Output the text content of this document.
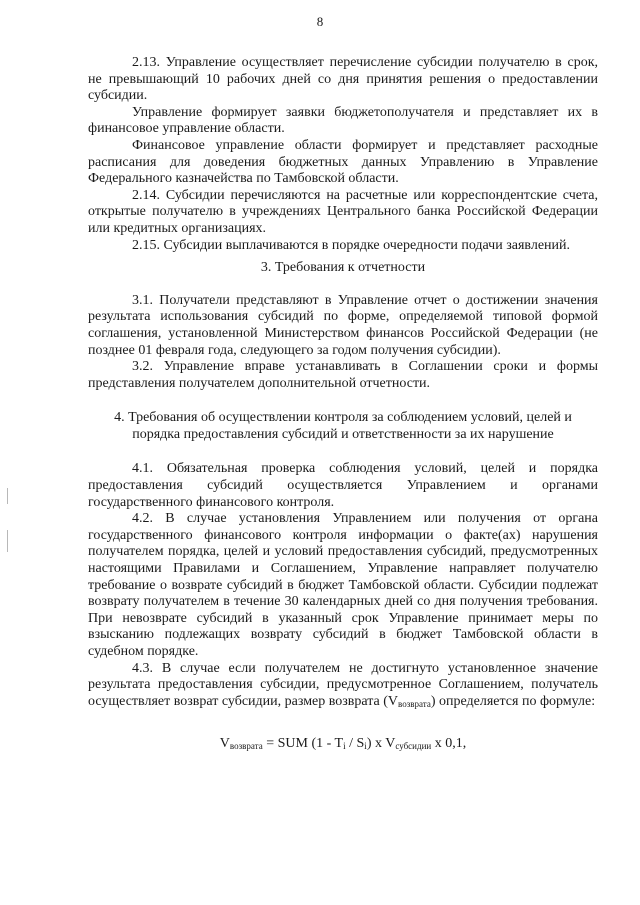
8

2.13. Управление осуществляет перечисление субсидии получателю в срок, не превышающий 10 рабочих дней со дня принятия решения о предоставлении субсидии.

Управление формирует заявки бюджетополучателя и представляет их в финансовое управление области.

Финансовое управление области формирует и представляет расходные расписания для доведения бюджетных данных Управлению в Управление Федерального казначейства по Тамбовской области.

2.14. Субсидии перечисляются на расчетные или корреспондентские счета, открытые получателю в учреждениях Центрального банка Российской Федерации или кредитных организациях.

2.15. Субсидии выплачиваются в порядке очередности подачи заявлений.

3. Требования к отчетности

3.1. Получатели представляют в Управление отчет о достижении значения результата использования субсидий по форме, определяемой типовой формой соглашения, установленной Министерством финансов Российской Федерации (не позднее 01 февраля года, следующего за годом получения субсидии).

3.2. Управление вправе устанавливать в Соглашении сроки и формы представления получателем дополнительной отчетности.

4. Требования об осуществлении контроля за соблюдением условий, целей и порядка предоставления субсидий и ответственности за их нарушение

4.1. Обязательная проверка соблюдения условий, целей и порядка предоставления субсидий осуществляется Управлением и органами государственного финансового контроля.

4.2. В случае установления Управлением или получения от органа государственного финансового контроля информации о факте(ах) нарушения получателем порядка, целей и условий предоставления субсидий, предусмотренных настоящими Правилами и Соглашением, Управление направляет получателю требование о возврате субсидий в бюджет Тамбовской области. Субсидии подлежат возврату получателем в течение 30 календарных дней со дня получения требования. При невозврате субсидий в указанный срок Управление принимает меры по взысканию подлежащих возврату субсидий в бюджет Тамбовской области в судебном порядке.

4.3. В случае если получателем не достигнуто установленное значение результата предоставления субсидии, предусмотренное Соглашением, получатель осуществляет возврат субсидии, размер возврата $(V_{возврата})$ определяется по формуле:

$V_{возврата}$ = SUM $(1 - T_i / S_i)$ x $V_{субсидии}$ x 0,1,
